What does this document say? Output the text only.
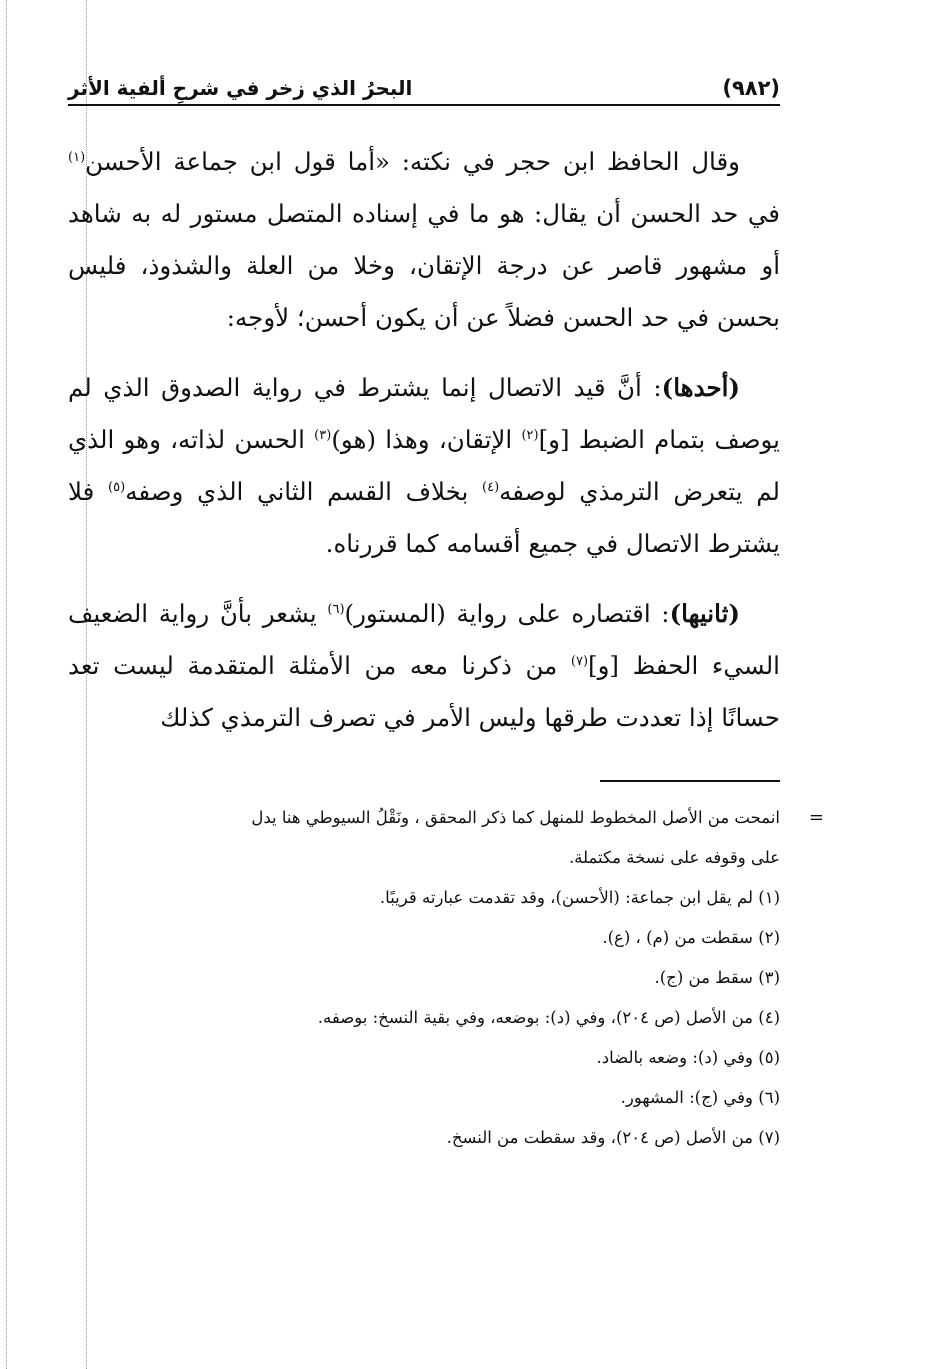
(٩٨٢)
البحرُ الذي زخر في شرحِ ألفية الأثر

وقال الحافظ ابن حجر في نكته: «أما قول ابن جماعة الأحسن$^{(١)}$ في حد الحسن أن يقال: هو ما في إسناده المتصل مستور له به شاهد أو مشهور قاصر عن درجة الإتقان، وخلا من العلة والشذوذ، فليس بحسن في حد الحسن فضلاً عن أن يكون أحسن؛ لأوجه:

(أحدها): أنَّ قيد الاتصال إنما يشترط في رواية الصدوق الذي لم يوصف بتمام الضبط [و]$^{(٢)}$ الإتقان، وهذا (هو)$^{(٣)}$ الحسن لذاته، وهو الذي لم يتعرض الترمذي لوصفه$^{(٤)}$ بخلاف القسم الثاني الذي وصفه$^{(٥)}$ فلا يشترط الاتصال في جميع أقسامه كما قررناه.

(ثانيها): اقتصاره على رواية (المستور)$^{(٦)}$ يشعر بأنَّ رواية الضعيف السيء الحفظ [و]$^{(٧)}$ من ذكرنا معه من الأمثلة المتقدمة ليست تعد حسانًا إذا تعددت طرقها وليس الأمر في تصرف الترمذي كذلك

=

انمحت من الأصل المخطوط للمنهل كما ذكر المحقق ، ونَقْلُ السيوطي هنا يدل

على وقوفه على نسخة مكتملة.

(١) لم يقل ابن جماعة: (الأحسن)، وقد تقدمت عبارته قريبًا.

(٢) سقطت من (م) ، (ع).

(٣) سقط من (ج).

(٤) من الأصل (ص ٢٠٤)، وفي (د): بوضعه، وفي بقية النسخ: بوصفه.

(٥) وفي (د): وضعه بالضاد.

(٦) وفي (ج): المشهور.

(٧) من الأصل (ص ٢٠٤)، وقد سقطت من النسخ.
